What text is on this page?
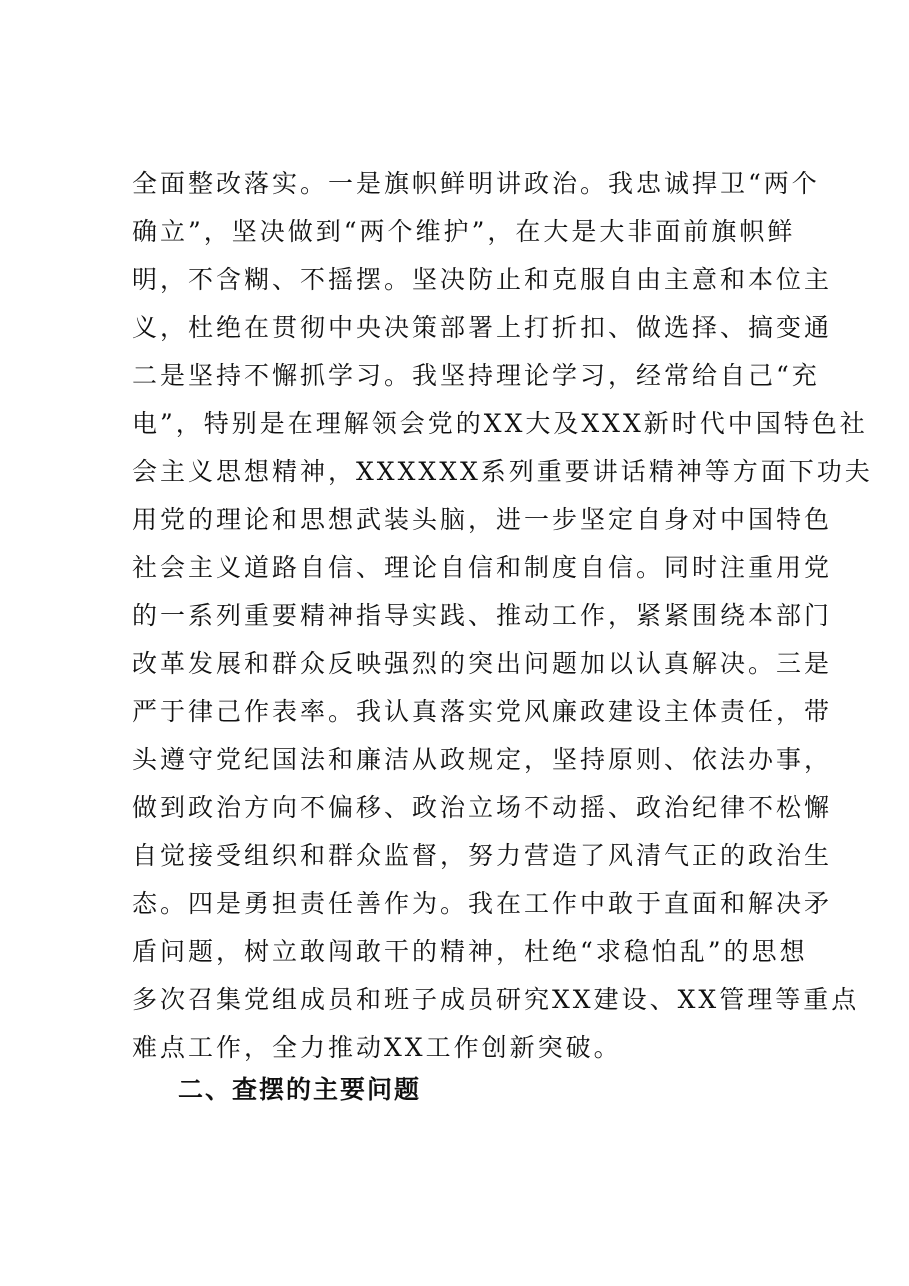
全面整改落实。一是旗帜鲜明讲政治。我忠诚捍卫“两个
确立”，坚决做到“两个维护”，在大是大非面前旗帜鲜
明，不含糊、不摇摆。坚决防止和克服自由主意和本位主
义，杜绝在贯彻中央决策部署上打折扣、做选择、搞变通
二是坚持不懈抓学习。我坚持理论学习，经常给自己“充
电”，特别是在理解领会党的XX大及XXX新时代中国特色社
会主义思想精神，XXXXXX系列重要讲话精神等方面下功夫
用党的理论和思想武装头脑，进一步坚定自身对中国特色
社会主义道路自信、理论自信和制度自信。同时注重用党
的一系列重要精神指导实践、推动工作，紧紧围绕本部门
改革发展和群众反映强烈的突出问题加以认真解决。三是
严于律己作表率。我认真落实党风廉政建设主体责任，带
头遵守党纪国法和廉洁从政规定，坚持原则、依法办事，
做到政治方向不偏移、政治立场不动摇、政治纪律不松懈
自觉接受组织和群众监督，努力营造了风清气正的政治生
态。四是勇担责任善作为。我在工作中敢于直面和解决矛
盾问题，树立敢闯敢干的精神，杜绝“求稳怕乱”的思想
多次召集党组成员和班子成员研究XX建设、XX管理等重点
难点工作，全力推动XX工作创新突破。
二、查摆的主要问题
